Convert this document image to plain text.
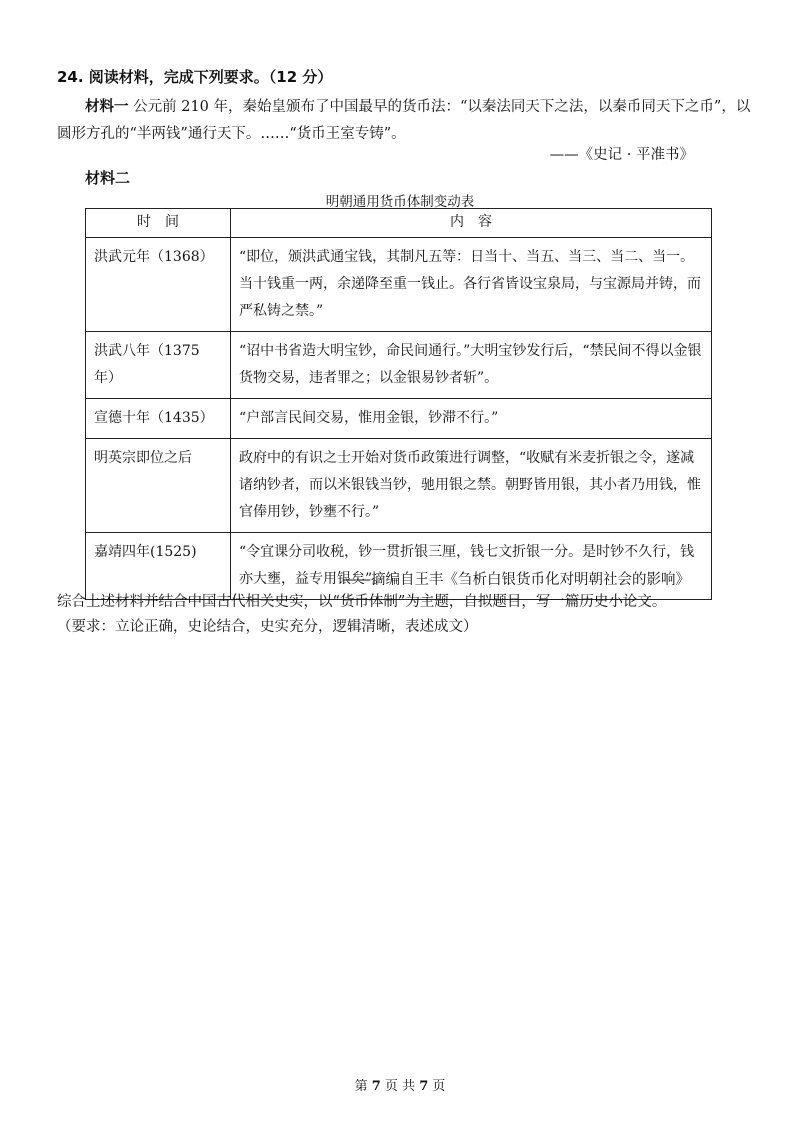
24. 阅读材料，完成下列要求。（12 分）
材料一 公元前 210 年，秦始皇颁布了中国最早的货币法：“以秦法同天下之法，以秦币同天下之币”，以圆形方孔的“半两钱”通行天下。……“货币王室专铸”。
——《史记 · 平准书》
材料二
明朝通用货币体制变动表
时　间	内　容
洪武元年（1368）	“即位，颁洪武通宝钱，其制凡五等：日当十、当五、当三、当二、当一。当十钱重一两，余递降至重一钱止。各行省皆设宝泉局，与宝源局并铸，而严私铸之禁。”
洪武八年（1375 年）	“诏中书省造大明宝钞，命民间通行。”大明宝钞发行后，“禁民间不得以金银货物交易，违者罪之；以金银易钞者斩”。
宣德十年（1435）	“户部言民间交易，惟用金银，钞滞不行。”
明英宗即位之后	政府中的有识之士开始对货币政策进行调整，“收赋有米麦折银之令，遂减诸纳钞者，而以米银钱当钞，驰用银之禁。朝野皆用银，其小者乃用钱，惟官俸用钞，钞壅不行。”
嘉靖四年(1525)	“令宜课分司收税，钞一贯折银三厘，钱七文折银一分。是时钞不久行，钱亦大壅，益专用银矣”。
——摘编自王丰《刍析白银货币化对明朝社会的影响》
综合上述材料并结合中国古代相关史实，以“货币体制”为主题，自拟题目，写一篇历史小论文。
（要求：立论正确，史论结合，史实充分，逻辑清晰，表述成文）
第 7 页 共 7 页
